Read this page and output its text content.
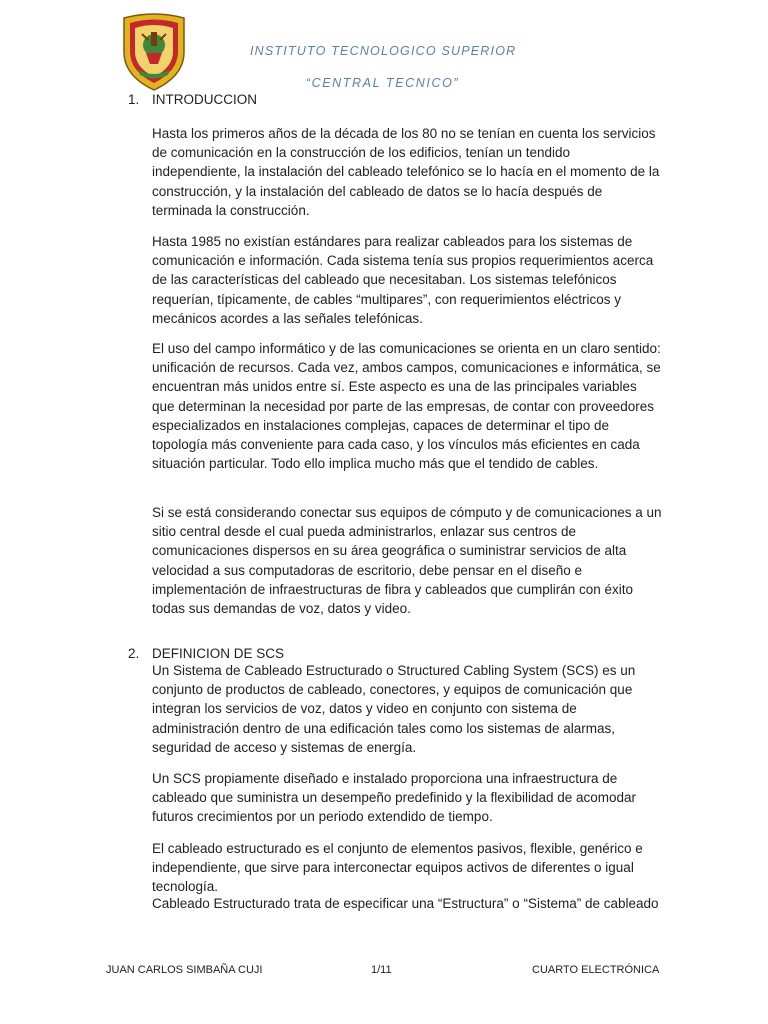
INSTITUTO TECNOLOGICO SUPERIOR
“CENTRAL TECNICO”
1. INTRODUCCION

Hasta los primeros años de la década de los 80 no se tenían en cuenta los servicios de comunicación en la construcción de los edificios, tenían un tendido independiente, la instalación del cableado telefónico se lo hacía en el momento de la construcción, y la instalación del cableado de datos se lo hacía después de terminada la construcción.

Hasta 1985 no existían estándares para realizar cableados para los sistemas de comunicación e información. Cada sistema tenía sus propios requerimientos acerca de las características del cableado que necesitaban. Los sistemas telefónicos requerían, típicamente, de cables “multipares”, con requerimientos eléctricos y mecánicos acordes a las señales telefónicas.

El uso del campo informático y de las comunicaciones se orienta en un claro sentido: unificación de recursos. Cada vez, ambos campos, comunicaciones e informática, se encuentran más unidos entre sí. Este aspecto es una de las principales variables que determinan la necesidad por parte de las empresas, de contar con proveedores especializados en instalaciones complejas, capaces de determinar el tipo de topología más conveniente para cada caso, y los vínculos más eficientes en cada situación particular. Todo ello implica mucho más que el tendido de cables.

Si se está considerando conectar sus equipos de cómputo y de comunicaciones a un sitio central desde el cual pueda administrarlos, enlazar sus centros de comunicaciones dispersos en su área geográfica o suministrar servicios de alta velocidad a sus computadoras de escritorio, debe pensar en el diseño e implementación de infraestructuras de fibra y cableados que cumplirán con éxito todas sus demandas de voz, datos y video.

2. DEFINICION DE SCS

Un Sistema de Cableado Estructurado o Structured Cabling System (SCS) es un conjunto de productos de cableado, conectores, y equipos de comunicación que integran los servicios de voz, datos y video en conjunto con sistema de administración dentro de una edificación tales como los sistemas de alarmas, seguridad de acceso y sistemas de energía.

Un SCS propiamente diseñado e instalado proporciona una infraestructura de cableado que suministra un desempeño predefinido y la flexibilidad de acomodar futuros crecimientos por un periodo extendido de tiempo.

El cableado estructurado es el conjunto de elementos pasivos, flexible, genérico e independiente, que sirve para interconectar equipos activos de diferentes o igual tecnología.

Cableado Estructurado trata de especificar una “Estructura” o “Sistema” de cableado

JUAN CARLOS SIMBAÑA CUJI	1/11	CUARTO ELECTRÓNICA
